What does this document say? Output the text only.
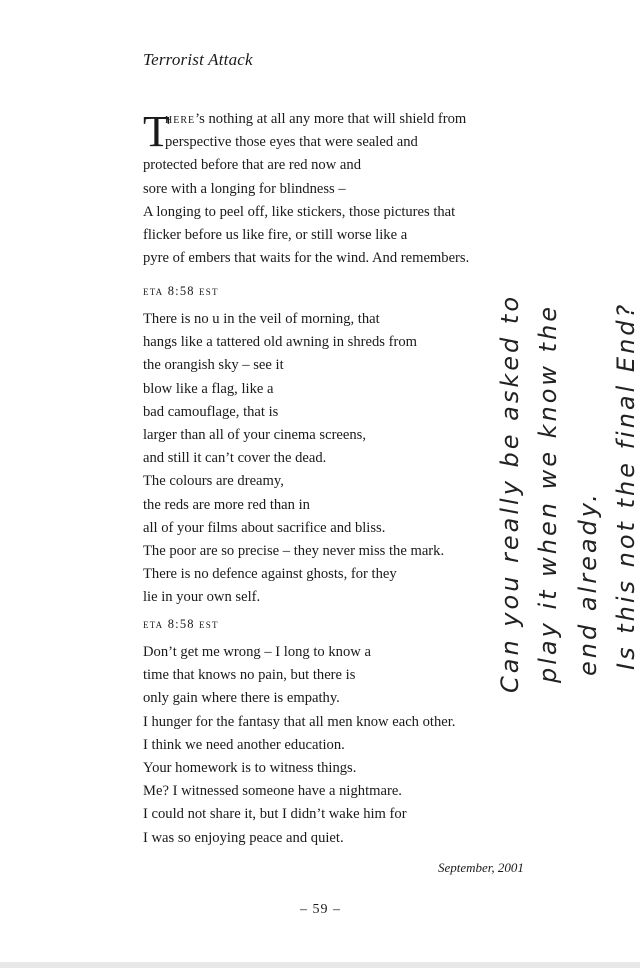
Terrorist Attack
T
here’s nothing at all any more that will shield from
perspective those eyes that were sealed and
protected before that are red now and
sore with a longing for blindness –
A longing to peel off, like stickers, those pictures that
flicker before us like fire, or still worse like a
pyre of embers that waits for the wind. And remembers.
eta 8:58 est
There is no u in the veil of morning, that
hangs like a tattered old awning in shreds from
the orangish sky – see it
blow like a flag, like a
bad camouflage, that is
larger than all of your cinema screens,
and still it can’t cover the dead.
The colours are dreamy,
the reds are more red than in
all of your films about sacrifice and bliss.
The poor are so precise – they never miss the mark.
There is no defence against ghosts, for they
lie in your own self.
eta 8:58 est
Don’t get me wrong – I long to know a
time that knows no pain, but there is
only gain where there is empathy.
I hunger for the fantasy that all men know each other.
I think we need another education.
Your homework is to witness things.
Me? I witnessed someone have a nightmare.
I could not share it, but I didn’t wake him for
I was so enjoying peace and quiet.
September, 2001
– 59 –
Can you really be asked to play it when we know the end already. Is this not the final End?
